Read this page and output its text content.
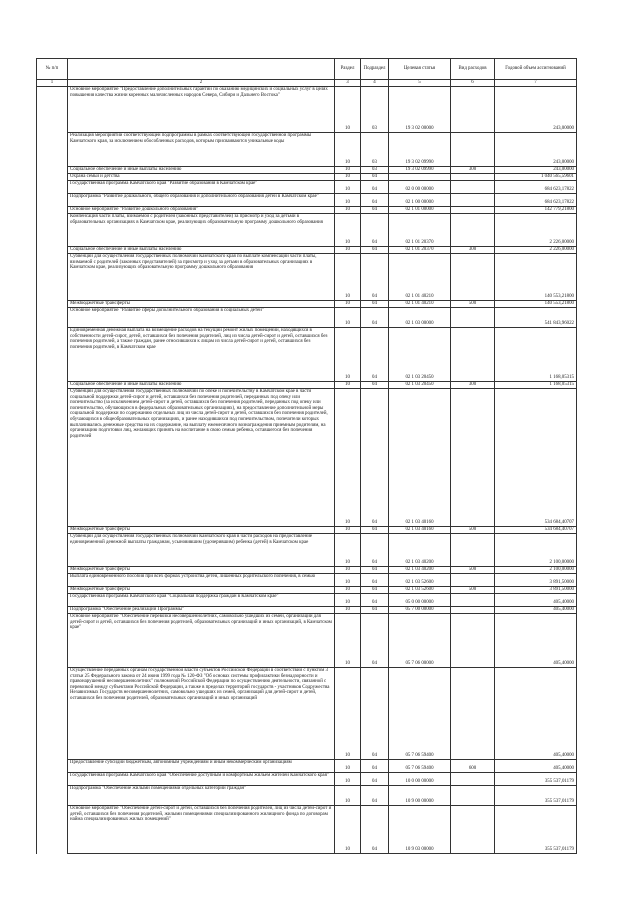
№ п/п		Раздел	Подраздел	Целевая статья	Вид расходов	Годовой объем ассигнований
1	2	3	4	5	6	7
	Основное мероприятие "Предоставление дополнительных гарантий по оказанию медицинских и социальных услуг в целях повышения качества жизни коренных малочисленных народов Севера, Сибири и Дальнего Востока"	10	03	19 3 02 00000		243,00000
	Реализация мероприятий соответствующей подпрограммы в рамках соответствующей государственной программы Камчатского края, за исключением обособленных расходов, которым присваиваются уникальные коды	10	03	19 3 02 09990		243,00000
	Социальное обеспечение и иные выплаты населению	10	03	19 3 02 09990	300	243,00000
	Охрана семьи и детства	10	04			1 040 565,59601
	Государственная программа Камчатского края "Развитие образования в Камчатском крае"	10	04	02 0 00 00000		684 623,17822
	Подпрограмма "Развитие дошкольного, общего образования и дополнительного образования детей в Камчатском крае"	10	04	02 1 00 00000		684 623,17822
	Основное мероприятие "Развитие дошкольного образования"	10	04	02 1 01 00000		142 779,21800
	Компенсация части платы, взимаемой с родителей (законных представителей) за присмотр и уход за детьми в образовательных организациях в Камчатском крае, реализующих образовательную программу дошкольного образования	10	04	02 1 01 20370		2 226,00000
	Социальное обеспечение и иные выплаты населению	10	04	02 1 01 20370	300	2 226,00000
	Субвенции для осуществления государственных полномочий Камчатского края по выплате компенсации части платы, взимаемой с родителей (законных представителей) за присмотр и уход за детьми в образовательных организациях в Камчатском крае, реализующих образовательную программу дошкольного образования	10	04	02 1 01 40210		140 553,21800
	Межбюджетные трансферты	10	04	02 1 01 40210	500	140 553,21800
	Основное мероприятие "Развитие сферы дополнительного образования в социальных детей"	10	04	02 1 03 00000		541 843,96022
	Единовременная денежная выплата на возмещение расходов на текущий ремонт жилых помещений, находящихся в собственности детей-сирот, детей, оставшихся без попечения родителей, лиц из числа детей-сирот и детей, оставшихся без попечения родителей, а также граждан, ранее относившихся к лицам из числа детей-сирот и детей, оставшихся без попечения родителей, в Камчатском крае	10	04	02 1 03 20450		1 168,05315
	Социальное обеспечение и иные выплаты населению	10	04	02 1 03 20450	300	1 168,05315
	Субвенции для осуществления государственных полномочий по опеке и попечительству в Камчатском крае в части социальной поддержки детей-сирот и детей, оставшихся без попечения родителей, переданных под опеку или попечительство (за исключением детей-сирот и детей, оставшихся без попечения родителей, переданных под опеку или попечительство, обучающихся в федеральных образовательных организациях), на предоставление дополнительной меры социальной поддержки по содержанию отдельных лиц из числа детей-сирот и детей, оставшихся без попечения родителей, обучающихся в общеобразовательных организациях, и ранее находившихся под попечительством, попечители которых выплачивались денежные средства на их содержание, на выплату ежемесячного вознаграждения приемным родителям, на организацию подготовки лиц, желающих принять на воспитание в свою семью ребенка, оставшегося без попечения родителей	10	04	02 1 03 40160		534 684,40707
	Межбюджетные трансферты	10	04	02 1 03 40160	500	534 684,40707
	Субвенции для осуществления государственных полномочий Камчатского края в части расходов на предоставление единовременной денежной выплаты гражданам, усыновившим (удочерившим) ребенка (детей) в Камчатском крае	10	04	02 1 03 40200		2 100,00000
	Межбюджетные трансферты	10	04	02 1 03 40200	500	2 100,00000
	Выплата единовременного пособия при всех формах устройства детей, лишенных родительского попечения, в семью	10	04	02 1 03 52600		3 891,50000
	Межбюджетные трансферты	10	04	02 1 03 52600	500	3 891,50000
	Государственная программа Камчатского края "Социальная поддержка граждан в Камчатском крае"	10	04	05 0 00 00000		405,40000
	Подпрограмма "Обеспечение реализации Программы"	10	04	05 7 00 00000		405,40000
	Основное мероприятие "Обеспечение перевозки несовершеннолетних, самовольно ушедших из семей, организаций для детей-сирот и детей, оставшихся без попечения родителей, образовательных организаций и иных организаций, в Камчатском крае"	10	04	05 7 06 00000		405,40000
	Осуществление переданных органам государственной власти субъектов Российской Федерации в соответствии с пунктом 3 статьи 25 Федерального закона от 24 июня 1999 года № 120-ФЗ "Об основах системы профилактики безнадзорности и правонарушений несовершеннолетних" полномочий Российской Федерации по осуществлению деятельности, связанной с перевозкой между субъектами Российской Федерации, а также в пределах территорий государств - участников Содружества Независимых Государств несовершеннолетних, самовольно ушедших из семей, организаций для детей-сирот и детей, оставшихся без попечения родителей, образовательных организаций и иных организаций	10	04	05 7 06 59400		405,40000
	Предоставление субсидий бюджетным, автономным учреждениям и иным некоммерческим организациям	10	04	05 7 06 59400	600	405,40000
	Государственная программа Камчатского края "Обеспечение доступным и комфортным жильем жителей Камчатского края"	10	04	10 0 00 00000		355 537,01179
	Подпрограмма "Обеспечение жилыми помещениями отдельных категорий граждан"	10	04	10 9 00 00000		355 537,01179
	Основное мероприятие "Обеспечение детей-сирот и детей, оставшихся без попечения родителей, лиц из числа детей-сирот и детей, оставшихся без попечения родителей, жилыми помещениями специализированного жилищного фонда по договорам найма специализированных жилых помещений"	10	04	10 9 03 00000		355 537,01179
